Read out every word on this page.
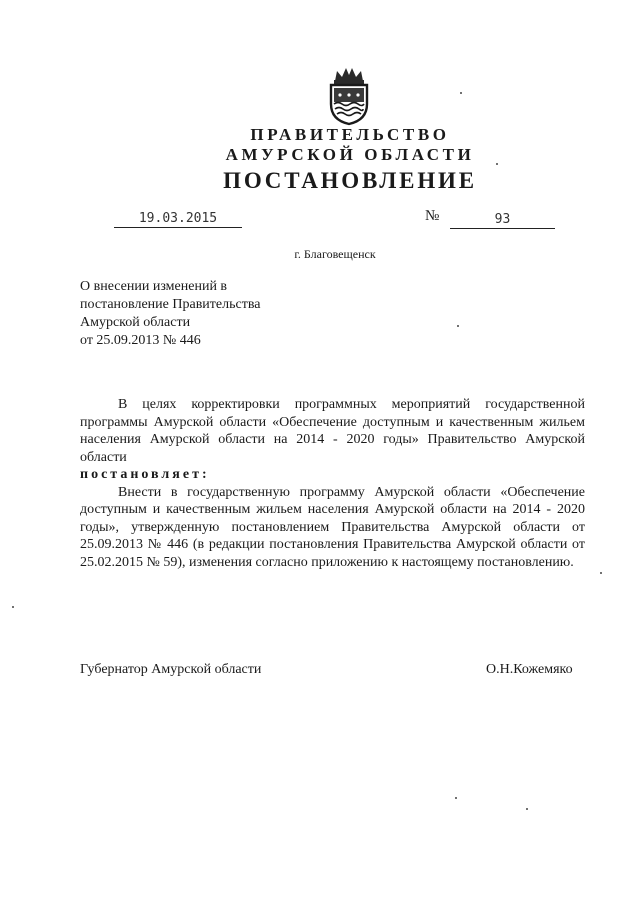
ПРАВИТЕЛЬСТВО
АМУРСКОЙ ОБЛАСТИ
ПОСТАНОВЛЕНИЕ
19.03.2015	№	93
г. Благовещенск
О внесении изменений в
постановление Правительства
Амурской области
от 25.09.2013 № 446

В целях корректировки программных мероприятий государственной программы Амурской области «Обеспечение доступным и качественным жильем населения Амурской области на 2014 - 2020 годы» Правительство Амурской области

постановляет:

Внести в государственную программу Амурской области «Обеспечение доступным и качественным жильем населения Амурской области на 2014 - 2020 годы», утвержденную постановлением Правительства Амурской области от 25.09.2013 № 446 (в редакции постановления Правительства Амурской области от 25.02.2015 № 59), изменения согласно приложению к настоящему постановлению.

Губернатор Амурской области	О.Н.Кожемяко
